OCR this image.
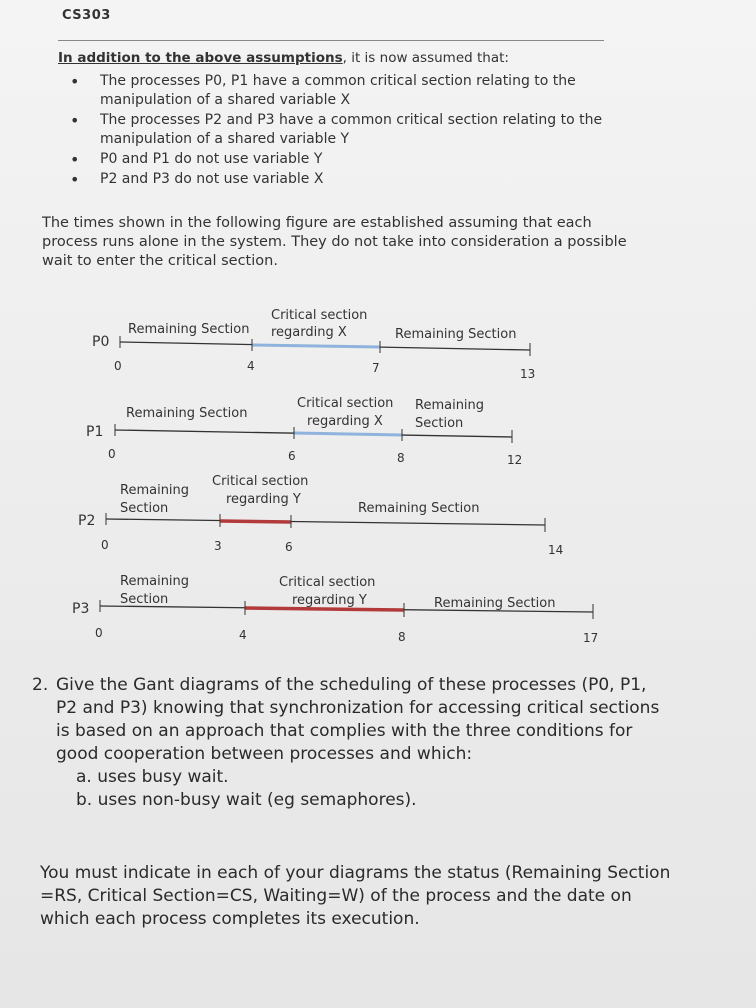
CS303
In addition to the above assumptions, it is now assumed that:
• The processes P0, P1 have a common critical section relating to the manipulation of a shared variable X
• The processes P2 and P3 have a common critical section relating to the manipulation of a shared variable Y
• P0 and P1 do not use variable Y
• P2 and P3 do not use variable X
The times shown in the following figure are established assuming that each process runs alone in the system. They do not take into consideration a possible wait to enter the critical section.
P0
Remaining Section
Critical section
regarding X	Remaining Section
0	4	7	13
P1
Remaining Section
Critical section
regarding X
Remaining
Section
0	6	8	12
P2
Remaining
Section
Critical section
regarding Y
Remaining Section
0	3	6	14
P3
Remaining
Section
Critical section
regarding Y	Remaining Section
0	4	8	17
2. Give the Gant diagrams of the scheduling of these processes (P0, P1, P2 and P3) knowing that synchronization for accessing critical sections is based on an approach that complies with the three conditions for good cooperation between processes and which:
a. uses busy wait.
b. uses non-busy wait (eg semaphores).
You must indicate in each of your diagrams the status (Remaining Section =RS, Critical Section=CS, Waiting=W) of the process and the date on which each process completes its execution.
